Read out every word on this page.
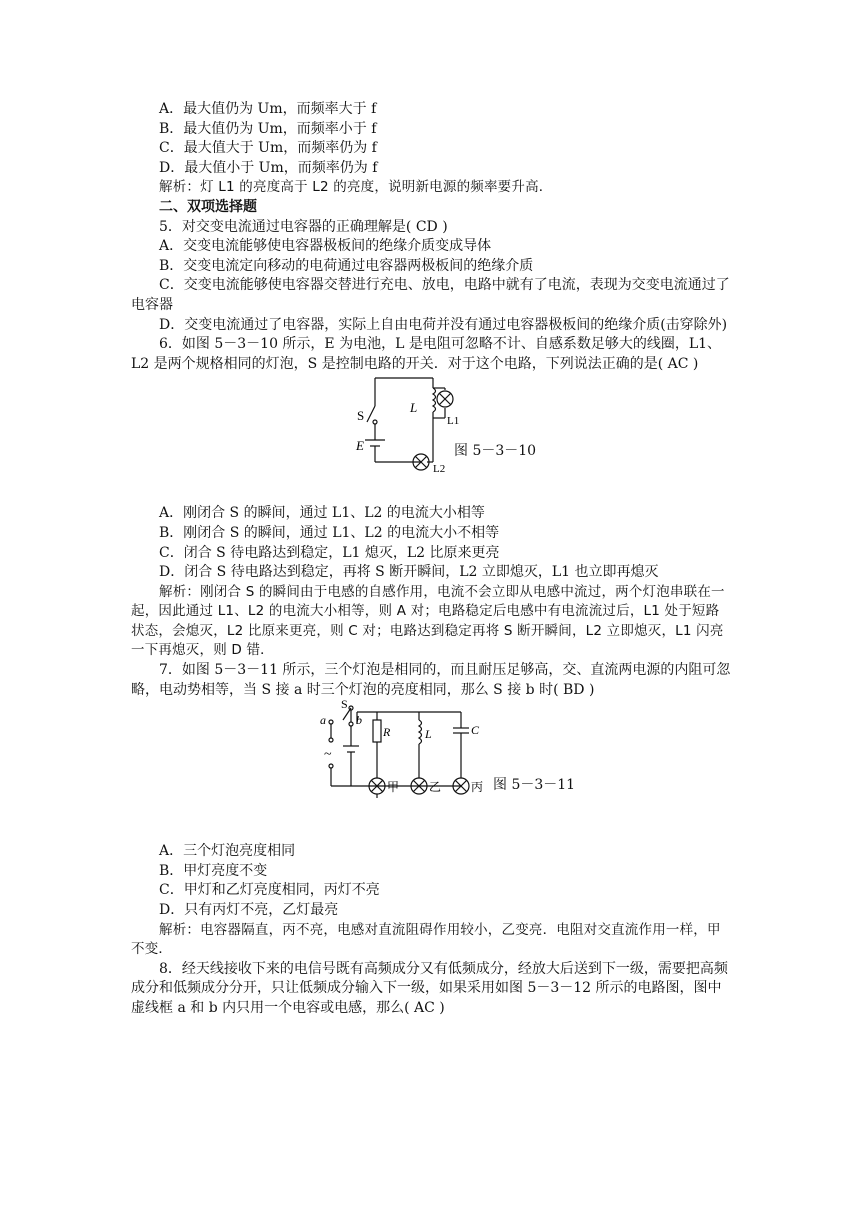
A．最大值仍为 Um，而频率大于 f
B．最大值仍为 Um，而频率小于 f
C．最大值大于 Um，而频率仍为 f
D．最大值小于 Um，而频率仍为 f
解析：灯 L1 的亮度高于 L2 的亮度，说明新电源的频率要升高．
二、双项选择题
5．对交变电流通过电容器的正确理解是( CD )
A．交变电流能够使电容器极板间的绝缘介质变成导体
B．交变电流定向移动的电荷通过电容器两极板间的绝缘介质
C．交变电流能够使电容器交替进行充电、放电，电路中就有了电流，表现为交变电流通过了电容器
D．交变电流通过了电容器，实际上自由电荷并没有通过电容器极板间的绝缘介质(击穿除外)
6．如图 5－3－10 所示，E 为电池，L 是电阻可忽略不计、自感系数足够大的线圈，L1、L2 是两个规格相同的灯泡，S 是控制电路的开关．对于这个电路，下列说法正确的是( AC )
L
L1
S
E
L2
图 5－3－10
A．刚闭合 S 的瞬间，通过 L1、L2 的电流大小相等
B．刚闭合 S 的瞬间，通过 L1、L2 的电流大小不相等
C．闭合 S 待电路达到稳定，L1 熄灭，L2 比原来更亮
D．闭合 S 待电路达到稳定，再将 S 断开瞬间，L2 立即熄灭，L1 也立即再熄灭
解析：刚闭合 S 的瞬间由于电感的自感作用，电流不会立即从电感中流过，两个灯泡串联在一起，因此通过 L1、L2 的电流大小相等，则 A 对；电路稳定后电感中有电流流过后，L1 处于短路状态，会熄灭，L2 比原来更亮，则 C 对；电路达到稳定再将 S 断开瞬间，L2 立即熄灭，L1 闪亮一下再熄灭，则 D 错．
7．如图 5－3－11 所示，三个灯泡是相同的，而且耐压足够高，交、直流两电源的内阻可忽略，电动势相等，当 S 接 a 时三个灯泡的亮度相同，那么 S 接 b 时( BD )
S
a	b
~
R	L	C
甲 乙 丙 图 5－3－11
A．三个灯泡亮度相同
B．甲灯亮度不变
C．甲灯和乙灯亮度相同，丙灯不亮
D．只有丙灯不亮，乙灯最亮
解析：电容器隔直，丙不亮，电感对直流阻碍作用较小，乙变亮．电阻对交直流作用一样，甲不变．
8．经天线接收下来的电信号既有高频成分又有低频成分，经放大后送到下一级，需要把高频成分和低频成分分开，只让低频成分输入下一级，如果采用如图 5－3－12 所示的电路图，图中虚线框 a 和 b 内只用一个电容或电感，那么( AC )
